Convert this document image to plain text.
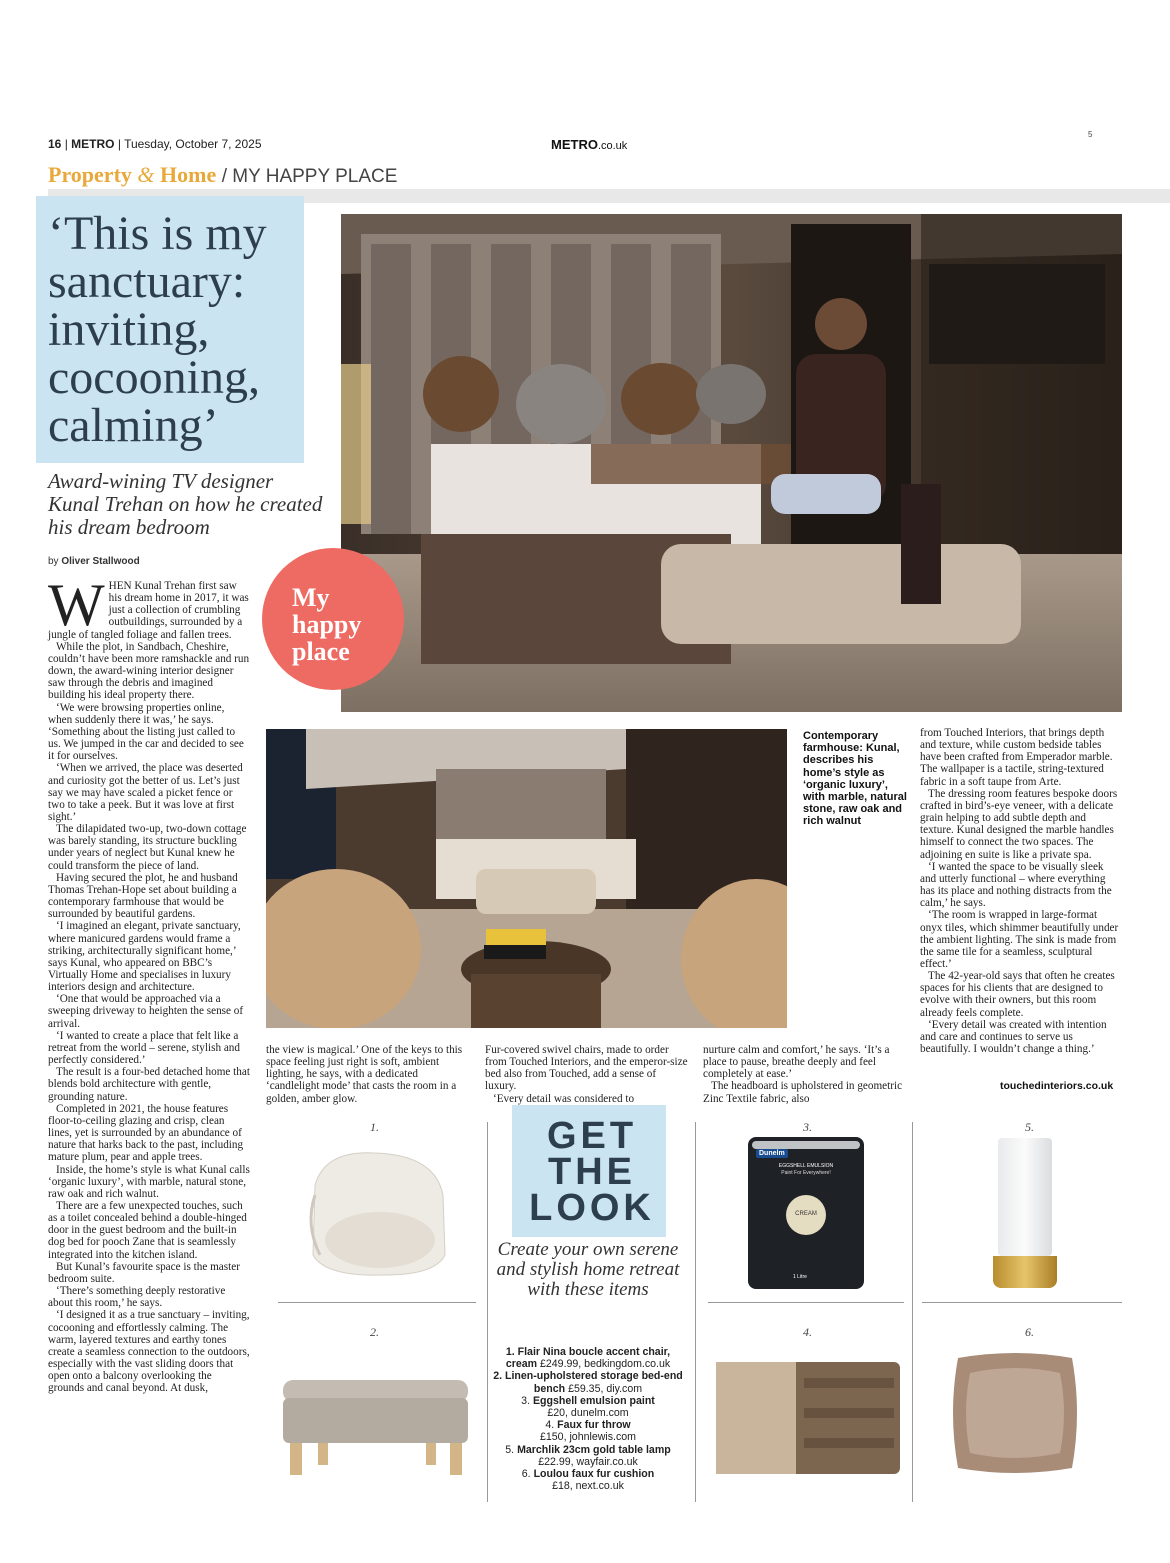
16 | METRO | Tuesday, October 7, 2025	METRO.co.uk
5
Property & Home / MY HAPPY PLACE
‘This is my sanctuary: inviting, cocooning, calming’
Award-wining TV designer Kunal Trehan on how he created his dream bedroom
by Oliver Stallwood
My
happy
place
W HEN Kunal Trehan first saw his dream home in 2017, it was just a collection of crumbling outbuildings, surrounded by a jungle of tangled foliage and fallen trees.

While the plot, in Sandbach, Cheshire, couldn’t have been more ramshackle and run down, the award-wining interior designer saw through the debris and imagined building his ideal property there.

‘We were browsing properties online, when suddenly there it was,’ he says. ‘Something about the listing just called to us. We jumped in the car and decided to see it for ourselves.

‘When we arrived, the place was deserted and curiosity got the better of us. Let’s just say we may have scaled a picket fence or two to take a peek. But it was love at first sight.’

The dilapidated two-up, two-down cottage was barely standing, its structure buckling under years of neglect but Kunal knew he could transform the piece of land.

Having secured the plot, he and husband Thomas Trehan-Hope set about building a contemporary farmhouse that would be surrounded by beautiful gardens.

‘I imagined an elegant, private sanctuary, where manicured gardens would frame a striking, architecturally significant home,’ says Kunal, who appeared on BBC’s Virtually Home and specialises in luxury interiors design and architecture.

‘One that would be approached via a sweeping driveway to heighten the sense of arrival.

‘I wanted to create a place that felt like a retreat from the world – serene, stylish and perfectly considered.’

The result is a four-bed detached home that blends bold architecture with gentle, grounding nature.

Completed in 2021, the house features floor-to-ceiling glazing and crisp, clean lines, yet is surrounded by an abundance of nature that harks back to the past, including mature plum, pear and apple trees.

Inside, the home’s style is what Kunal calls ‘organic luxury’, with marble, natural stone, raw oak and rich walnut.

There are a few unexpected touches, such as a toilet concealed behind a double-hinged door in the guest bedroom and the built-in dog bed for pooch Zane that is seamlessly integrated into the kitchen island.

But Kunal’s favourite space is the master bedroom suite.

‘There’s something deeply restorative about this room,’ he says.

‘I designed it as a true sanctuary – inviting, cocooning and effortlessly calming. The warm, layered textures and earthy tones create a seamless connection to the outdoors, especially with the vast sliding doors that open onto a balcony overlooking the grounds and canal beyond. At dusk,

Contemporary farmhouse: Kunal, describes his home’s style as ‘organic luxury’, with marble, natural stone, raw oak and rich walnut

the view is magical.’ One of the keys to this space feeling just right is soft, ambient lighting, he says, with a dedicated ‘candlelight mode’ that casts the room in a golden, amber glow.

Fur-covered swivel chairs, made to order from Touched Interiors, and the emperor-size bed also from Touched, add a sense of luxury.

‘Every detail was considered to

nurture calm and comfort,’ he says. ‘It’s a place to pause, breathe deeply and feel completely at ease.’

The headboard is upholstered in geometric Zinc Textile fabric, also

from Touched Interiors, that brings depth and texture, while custom bedside tables have been crafted from Emperador marble. The wallpaper is a tactile, string-textured fabric in a soft taupe from Arte.

The dressing room features bespoke doors crafted in bird’s-eye veneer, with a delicate grain helping to add subtle depth and texture. Kunal designed the marble handles himself to connect the two spaces. The adjoining en suite is like a private spa.

‘I wanted the space to be visually sleek and utterly functional – where everything has its place and nothing distracts from the calm,’ he says.

‘The room is wrapped in large-format onyx tiles, which shimmer beautifully under the ambient lighting. The sink is made from the same tile for a seamless, sculptural effect.’

The 42-year-old says that often he creates spaces for his clients that are designed to evolve with their owners, but this room already feels complete.

‘Every detail was created with intention and care and continues to serve us beautifully. I wouldn’t change a thing.’

touchedinteriors.co.uk
1.
2.
3.
4.
5.
6.
GET
THE
LOOK
Create your own serene and stylish home retreat with these items
1. Flair Nina boucle accent chair, cream £249.99, bedkingdom.co.uk
2. Linen-upholstered storage bed-end bench £59.35, diy.com
3. Eggshell emulsion paint
£20, dunelm.com
4. Faux fur throw
£150, johnlewis.com
5. Marchlik 23cm gold table lamp
£22.99, wayfair.co.uk
6. Loulou faux fur cushion
£18, next.co.uk
Dunelm
EGGSHELL EMULSION
Paint For Everywhere!
CREAM
1 Litre
